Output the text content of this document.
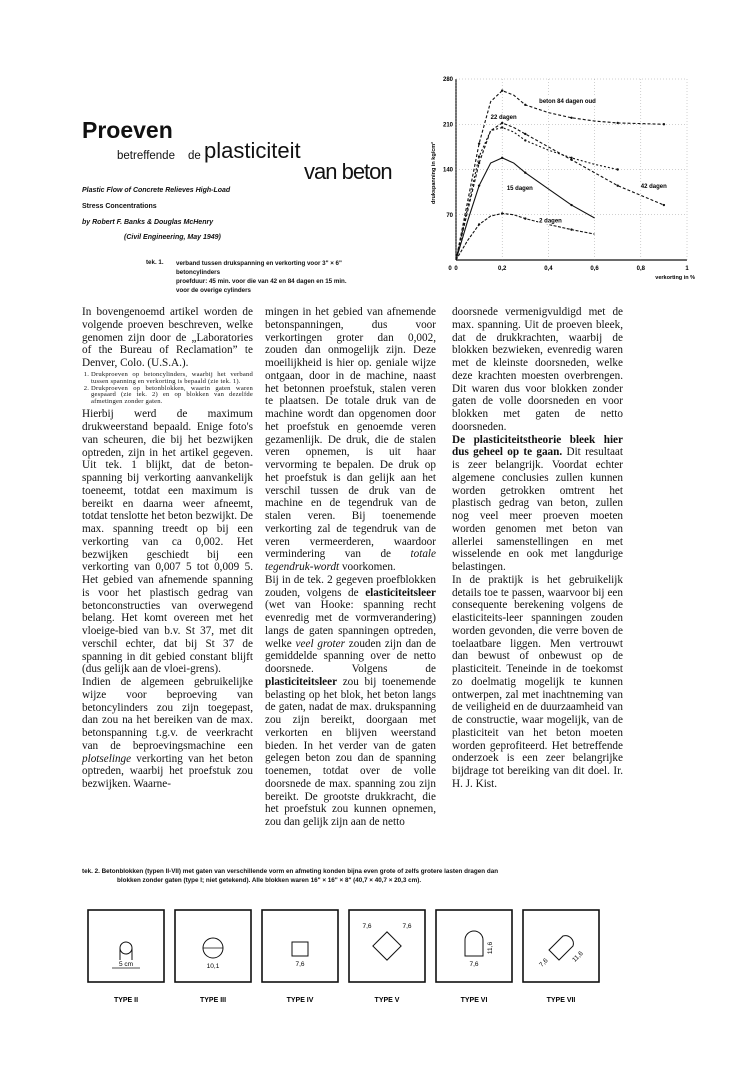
Proeven
betreffende de plasticiteit
van beton
Plastic Flow of Concrete Relieves High-Load
Stress Concentrations
by Robert F. Banks & Douglas McHenry
(Civil Engineering, May 1949)
tek. 1. verband tussen drukspanning en verkorting voor 3" × 6"
betoncylinders
proefduur: 45 min. voor die van 42 en 84 dagen en 15 min.
voor de overige cylinders
0	0,2	0,4	0,6	0,8	1
70
140
210
280
0
verkorting in %
drukspanning in kg/cm²
beton 84 dagen oud
22 dagen
42 dagen
15 dagen
2 dagen

In bovengenoemd artikel worden de volgende proeven beschreven, welke genomen zijn door de „Laboratories of the Bureau of Reclamation” te Denver, Colo. (U.S.A.).

1. Drukproeven op betoncylinders, waarbij het verband tussen spanning en verkorting is bepaald (zie tek. 1).
2. Drukproeven op betonblokken, waarin gaten waren gespaard (zie tek. 2) en op blokken van dezelfde afmetingen zonder gaten.

Hierbij werd de maximum drukweerstand bepaald. Enige foto's van scheuren, die bij het bezwijken optreden, zijn in het artikel gegeven. Uit tek. 1 blijkt, dat de beton-spanning bij verkorting aanvankelijk toeneemt, totdat een maximum is bereikt en daarna weer afneemt, totdat tenslotte het beton bezwijkt. De max. spanning treedt op bij een verkorting van ca 0,002. Het bezwijken geschiedt bij een verkorting van 0,007 5 tot 0,009 5. Het gebied van afnemende spanning is voor het plastisch gedrag van betonconstructies van overwegend belang. Het komt overeen met het vloeige-bied van b.v. St 37, met dit verschil echter, dat bij St 37 de spanning in dit gebied constant blijft (dus gelijk aan de vloei-grens).

Indien de algemeen gebruikelijke wijze voor beproeving van betoncylinders zou zijn toegepast, dan zou na het bereiken van de max. betonspanning t.g.v. de veerkracht van de beproevingsmachine een plotselinge verkorting van het beton optreden, waarbij het proefstuk zou bezwijken. Waarne-

mingen in het gebied van afnemende betonspanningen, dus voor verkortingen groter dan 0,002, zouden dan onmogelijk zijn. Deze moeilijkheid is hier op. geniale wijze ontgaan, door in de machine, naast het betonnen proefstuk, stalen veren te plaatsen. De totale druk van de machine wordt dan opgenomen door het proefstuk en genoemde veren gezamenlijk. De druk, die de stalen veren opnemen, is uit haar vervorming te bepalen. De druk op het proefstuk is dan gelijk aan het verschil tussen de druk van de machine en de tegendruk van de stalen veren. Bij toenemende verkorting zal de tegendruk van de veren vermeerderen, waardoor vermindering van de totale tegendruk-wordt voorkomen.

Bij in de tek. 2 gegeven proefblokken zouden, volgens de elasticiteitsleer (wet van Hooke: spanning recht evenredig met de vormverandering) langs de gaten spanningen optreden, welke veel groter zouden zijn dan de gemiddelde spanning over de netto doorsnede. Volgens de plasticiteitsleer zou bij toenemende belasting op het blok, het beton langs de gaten, nadat de max. drukspanning zou zijn bereikt, doorgaan met verkorten en blijven weerstand bieden. In het verder van de gaten gelegen beton zou dan de spanning toenemen, totdat over de volle doorsnede de max. spanning zou zijn bereikt. De grootste drukkracht, die het proefstuk zou kunnen opnemen, zou dan gelijk zijn aan de netto

doorsnede vermenigvuldigd met de max. spanning. Uit de proeven bleek, dat de drukkrachten, waarbij de blokken bezwieken, evenredig waren met de kleinste doorsneden, welke deze krachten moesten overbrengen. Dit waren dus voor blokken zonder gaten de volle doorsneden en voor blokken met gaten de netto doorsneden.

De plasticiteitstheorie bleek hier dus geheel op te gaan. Dit resultaat is zeer belangrijk. Voordat echter algemene conclusies zullen kunnen worden getrokken omtrent het plastisch gedrag van beton, zullen nog veel meer proeven moeten worden genomen met beton van allerlei samenstellingen en met wisselende en ook met langdurige belastingen.

In de praktijk is het gebruikelijk details toe te passen, waarvoor bij een consequente berekening volgens de elasticiteits-leer spanningen zouden worden gevonden, die verre boven de toelaatbare liggen. Men vertrouwt dan bewust of onbewust op de plasticiteit. Teneinde in de toekomst zo doelmatig mogelijk te kunnen ontwerpen, zal met inachtneming van de veiligheid en de duurzaamheid van de constructie, waar mogelijk, van de plasticiteit van het beton moeten worden geprofiteerd. Het betreffende onderzoek is een zeer belangrijke bijdrage tot bereiking van dit doel. Ir. H. J. Kist.

tek. 2. Betonblokken (typen II-VII) met gaten van verschillende vorm en afmeting konden bijna even grote of zelfs grotere lasten dragen dan
blokken zonder gaten (type I; niet getekend). Alle blokken waren 16" × 16" × 8" (40,7 × 40,7 × 20,3 cm).
5 cm
TYPE II
10,1
TYPE III
7,6
TYPE IV
7,6	7,6
TYPE V
7,6
11,6
TYPE VI
7,6	11,6
TYPE VII
